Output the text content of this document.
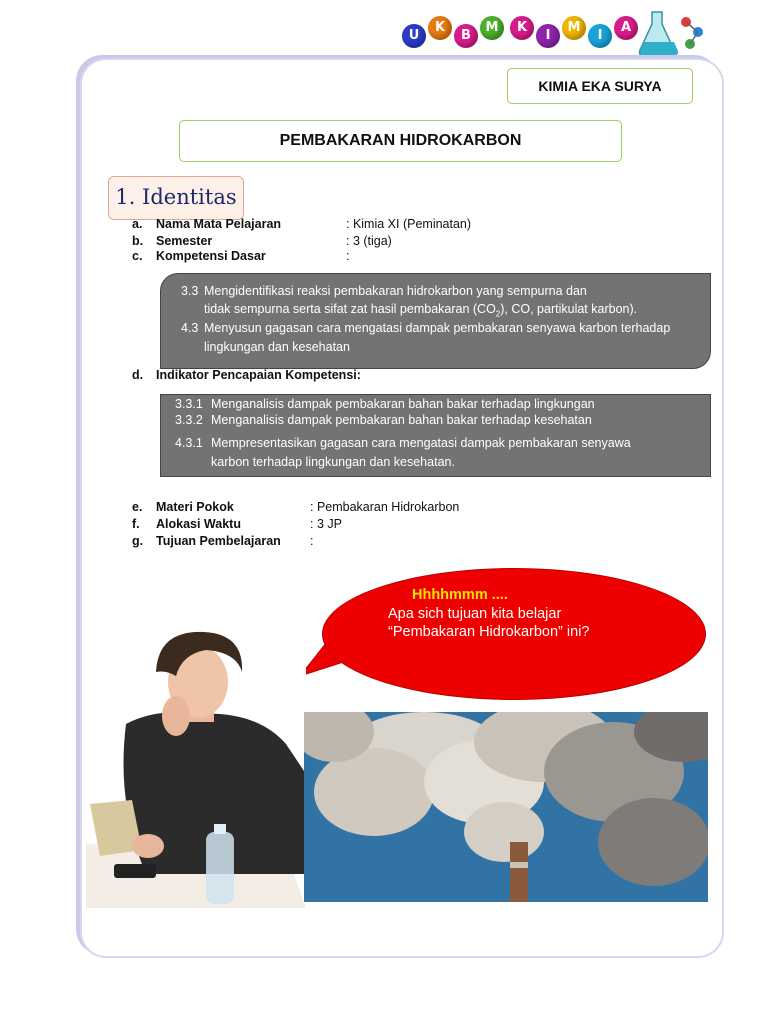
U
K
B
M	K
I
M
I
A
KIMIA EKA SURYA
PEMBAKARAN HIDROKARBON
1. Identitas
a. Nama Mata Pelajaran	: Kimia XI (Peminatan)
b. Semester	: 3 (tiga)
c. Kompetensi Dasar	:
3.3 Mengidentifikasi reaksi pembakaran hidrokarbon yang sempurna dan
tidak sempurna serta sifat zat hasil pembakaran $(CO_2)$, CO, partikulat karbon).
4.3 Menyusun gagasan cara mengatasi dampak pembakaran senyawa karbon terhadap
lingkungan dan kesehatan
d. Indikator Pencapaian Kompetensi:
3.3.1 Menganalisis dampak pembakaran bahan bakar terhadap lingkungan
3.3.2 Menganalisis dampak pembakaran bahan bakar terhadap kesehatan
4.3.1 Mempresentasikan gagasan cara mengatasi dampak pembakaran senyawa
karbon terhadap lingkungan dan kesehatan.
e. Materi Pokok	: Pembakaran Hidrokarbon
f. Alokasi Waktu	: 3 JP
g. Tujuan Pembelajaran :
Hhhhmmm ....
Apa sich tujuan kita belajar
“Pembakaran Hidrokarbon” ini?
